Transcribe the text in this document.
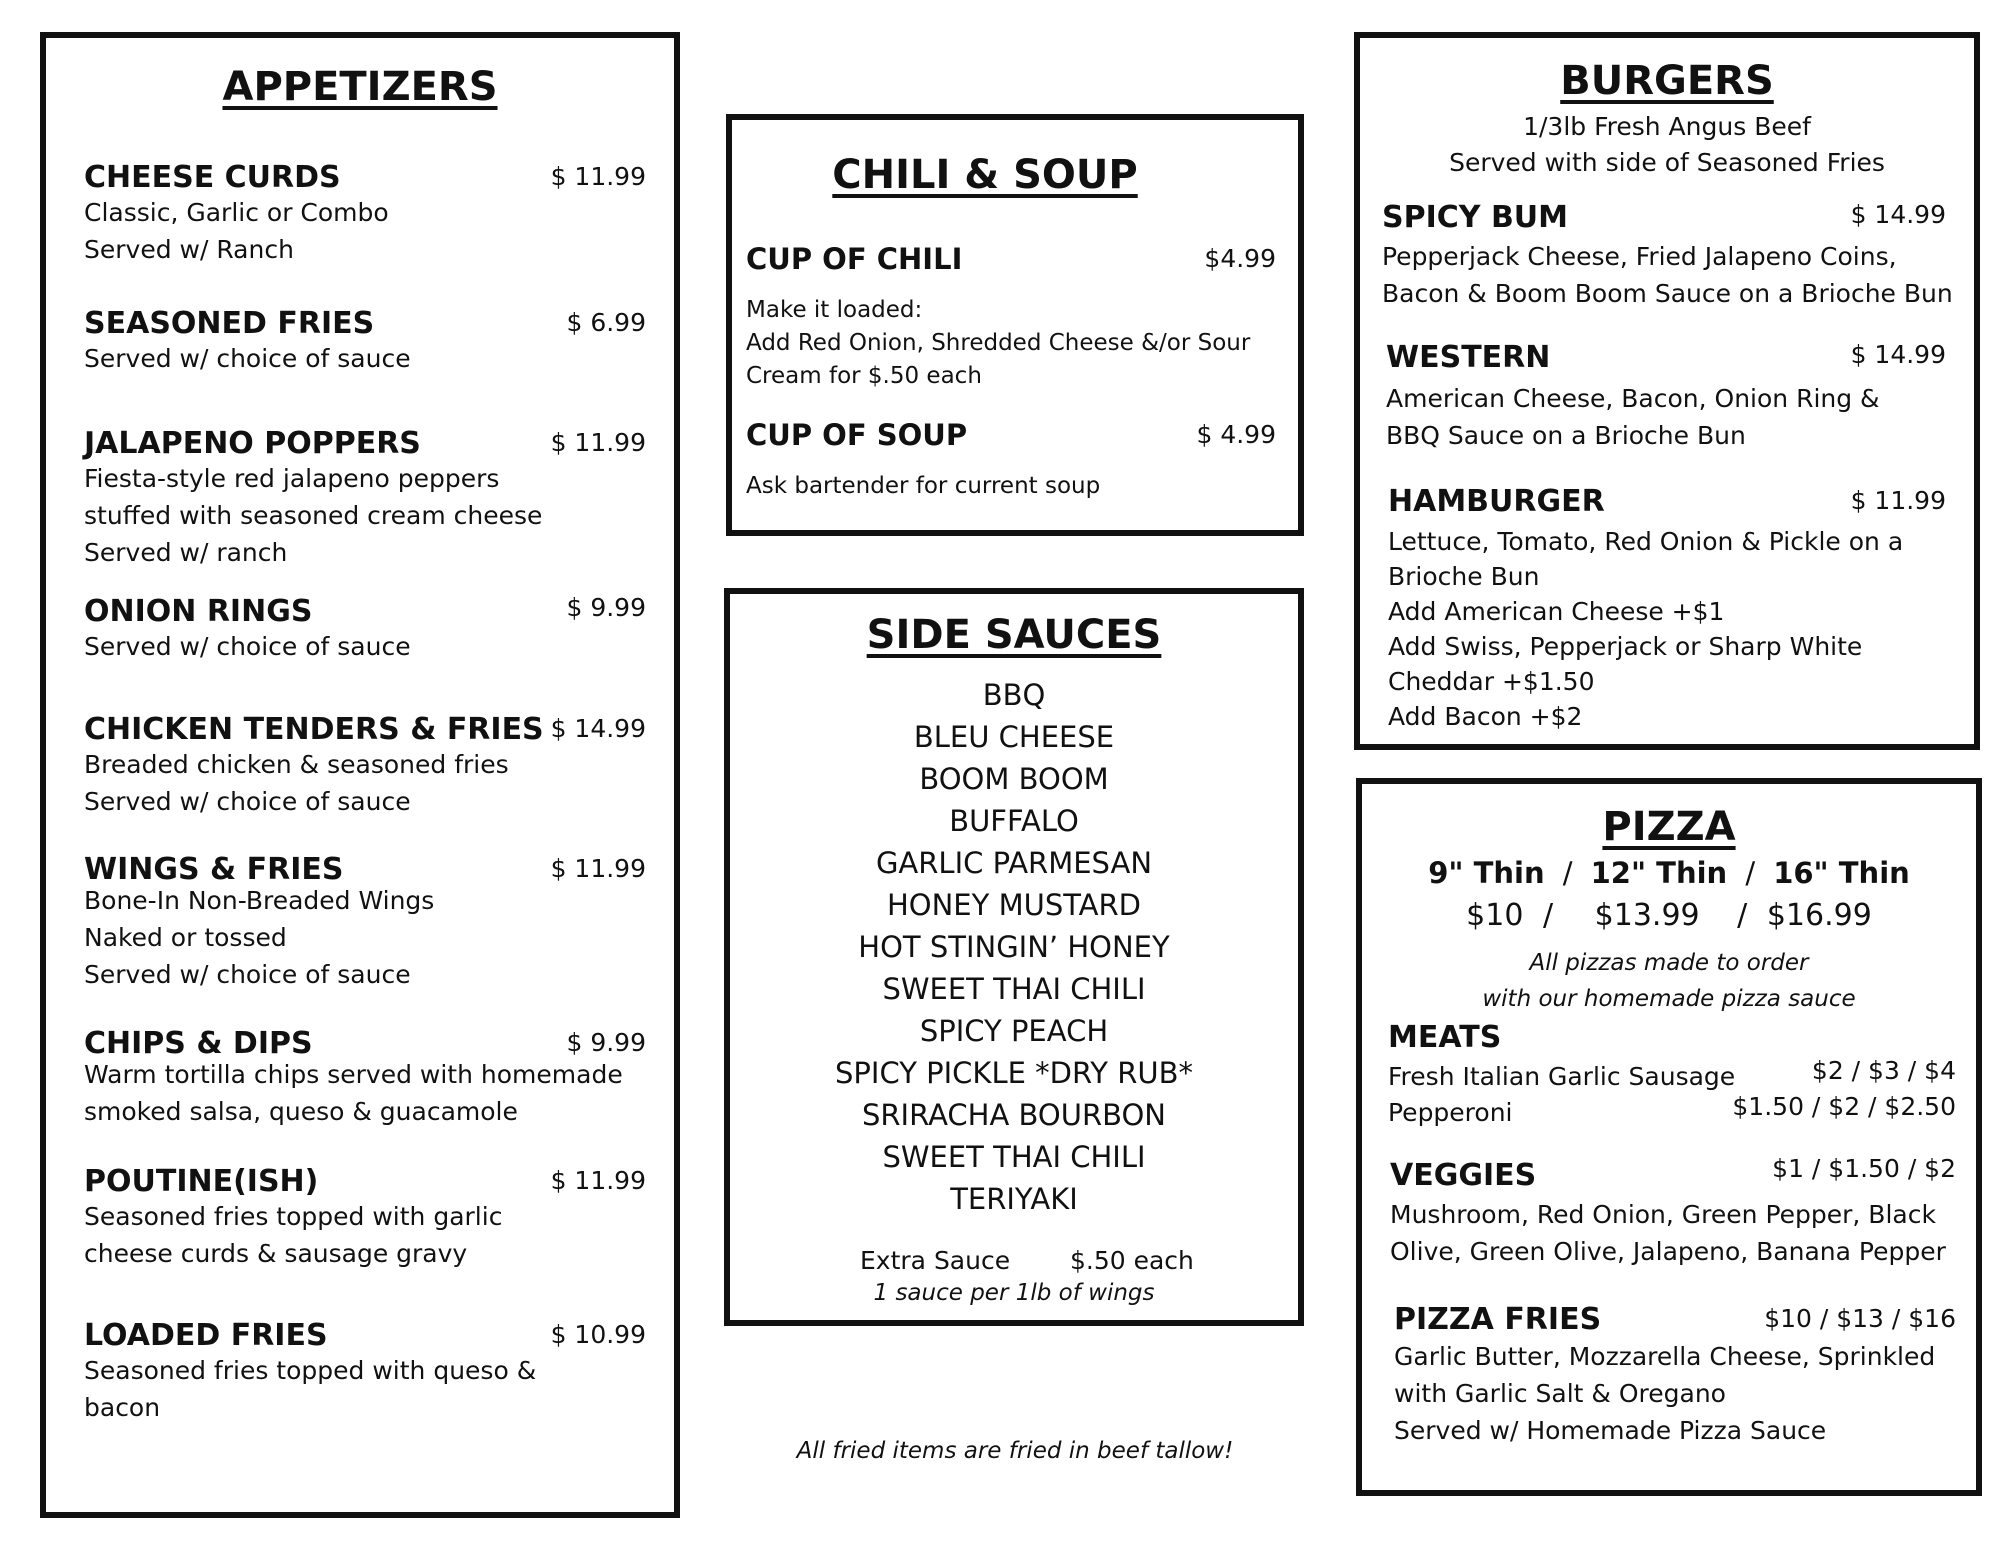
APPETIZERS
CHEESE CURDS	$ 11.99
Classic, Garlic or Combo
Served w/ Ranch
SEASONED FRIES	$ 6.99
Served w/ choice of sauce
JALAPENO POPPERS	$ 11.99
Fiesta-style red jalapeno peppers
stuffed with seasoned cream cheese
Served w/ ranch
ONION RINGS	$ 9.99
Served w/ choice of sauce
CHICKEN TENDERS & FRIES $ 14.99
Breaded chicken & seasoned fries
Served w/ choice of sauce
WINGS & FRIES	$ 11.99
Bone-In Non-Breaded Wings
Naked or tossed
Served w/ choice of sauce
CHIPS & DIPS	$ 9.99
Warm tortilla chips served with homemade
smoked salsa, queso & guacamole
POUTINE(ISH)	$ 11.99
Seasoned fries topped with garlic
cheese curds & sausage gravy
LOADED FRIES	$ 10.99
Seasoned fries topped with queso &
bacon
CHILI & SOUP
CUP OF CHILI	$4.99
Make it loaded:
Add Red Onion, Shredded Cheese &/or Sour
Cream for $.50 each
CUP OF SOUP	$ 4.99
Ask bartender for current soup
SIDE SAUCES
BBQ
BLEU CHEESE
BOOM BOOM
BUFFALO
GARLIC PARMESAN
HONEY MUSTARD
HOT STINGIN’ HONEY
SWEET THAI CHILI
SPICY PEACH
SPICY PICKLE *DRY RUB*
SRIRACHA BOURBON
SWEET THAI CHILI
TERIYAKI
Extra Sauce $.50 each
1 sauce per 1lb of wings
All fried items are fried in beef tallow!
BURGERS
1/3lb Fresh Angus Beef
Served with side of Seasoned Fries
SPICY BUM	$ 14.99
Pepperjack Cheese, Fried Jalapeno Coins,
Bacon & Boom Boom Sauce on a Brioche Bun
WESTERN	$ 14.99
American Cheese, Bacon, Onion Ring &
BBQ Sauce on a Brioche Bun
HAMBURGER	$ 11.99
Lettuce, Tomato, Red Onion & Pickle on a
Brioche Bun
Add American Cheese +$1
Add Swiss, Pepperjack or Sharp White
Cheddar +$1.50
Add Bacon +$2
PIZZA
9" Thin / 12" Thin / 16" Thin
$10 / $13.99 / $16.99
All pizzas made to order
with our homemade pizza sauce
MEATS
Fresh Italian Garlic Sausage	$2 / $3 / $4
Pepperoni	$1.50 / $2 / $2.50
VEGGIES	$1 / $1.50 / $2
Mushroom, Red Onion, Green Pepper, Black
Olive, Green Olive, Jalapeno, Banana Pepper
PIZZA FRIES	$10 / $13 / $16
Garlic Butter, Mozzarella Cheese, Sprinkled
with Garlic Salt & Oregano
Served w/ Homemade Pizza Sauce
